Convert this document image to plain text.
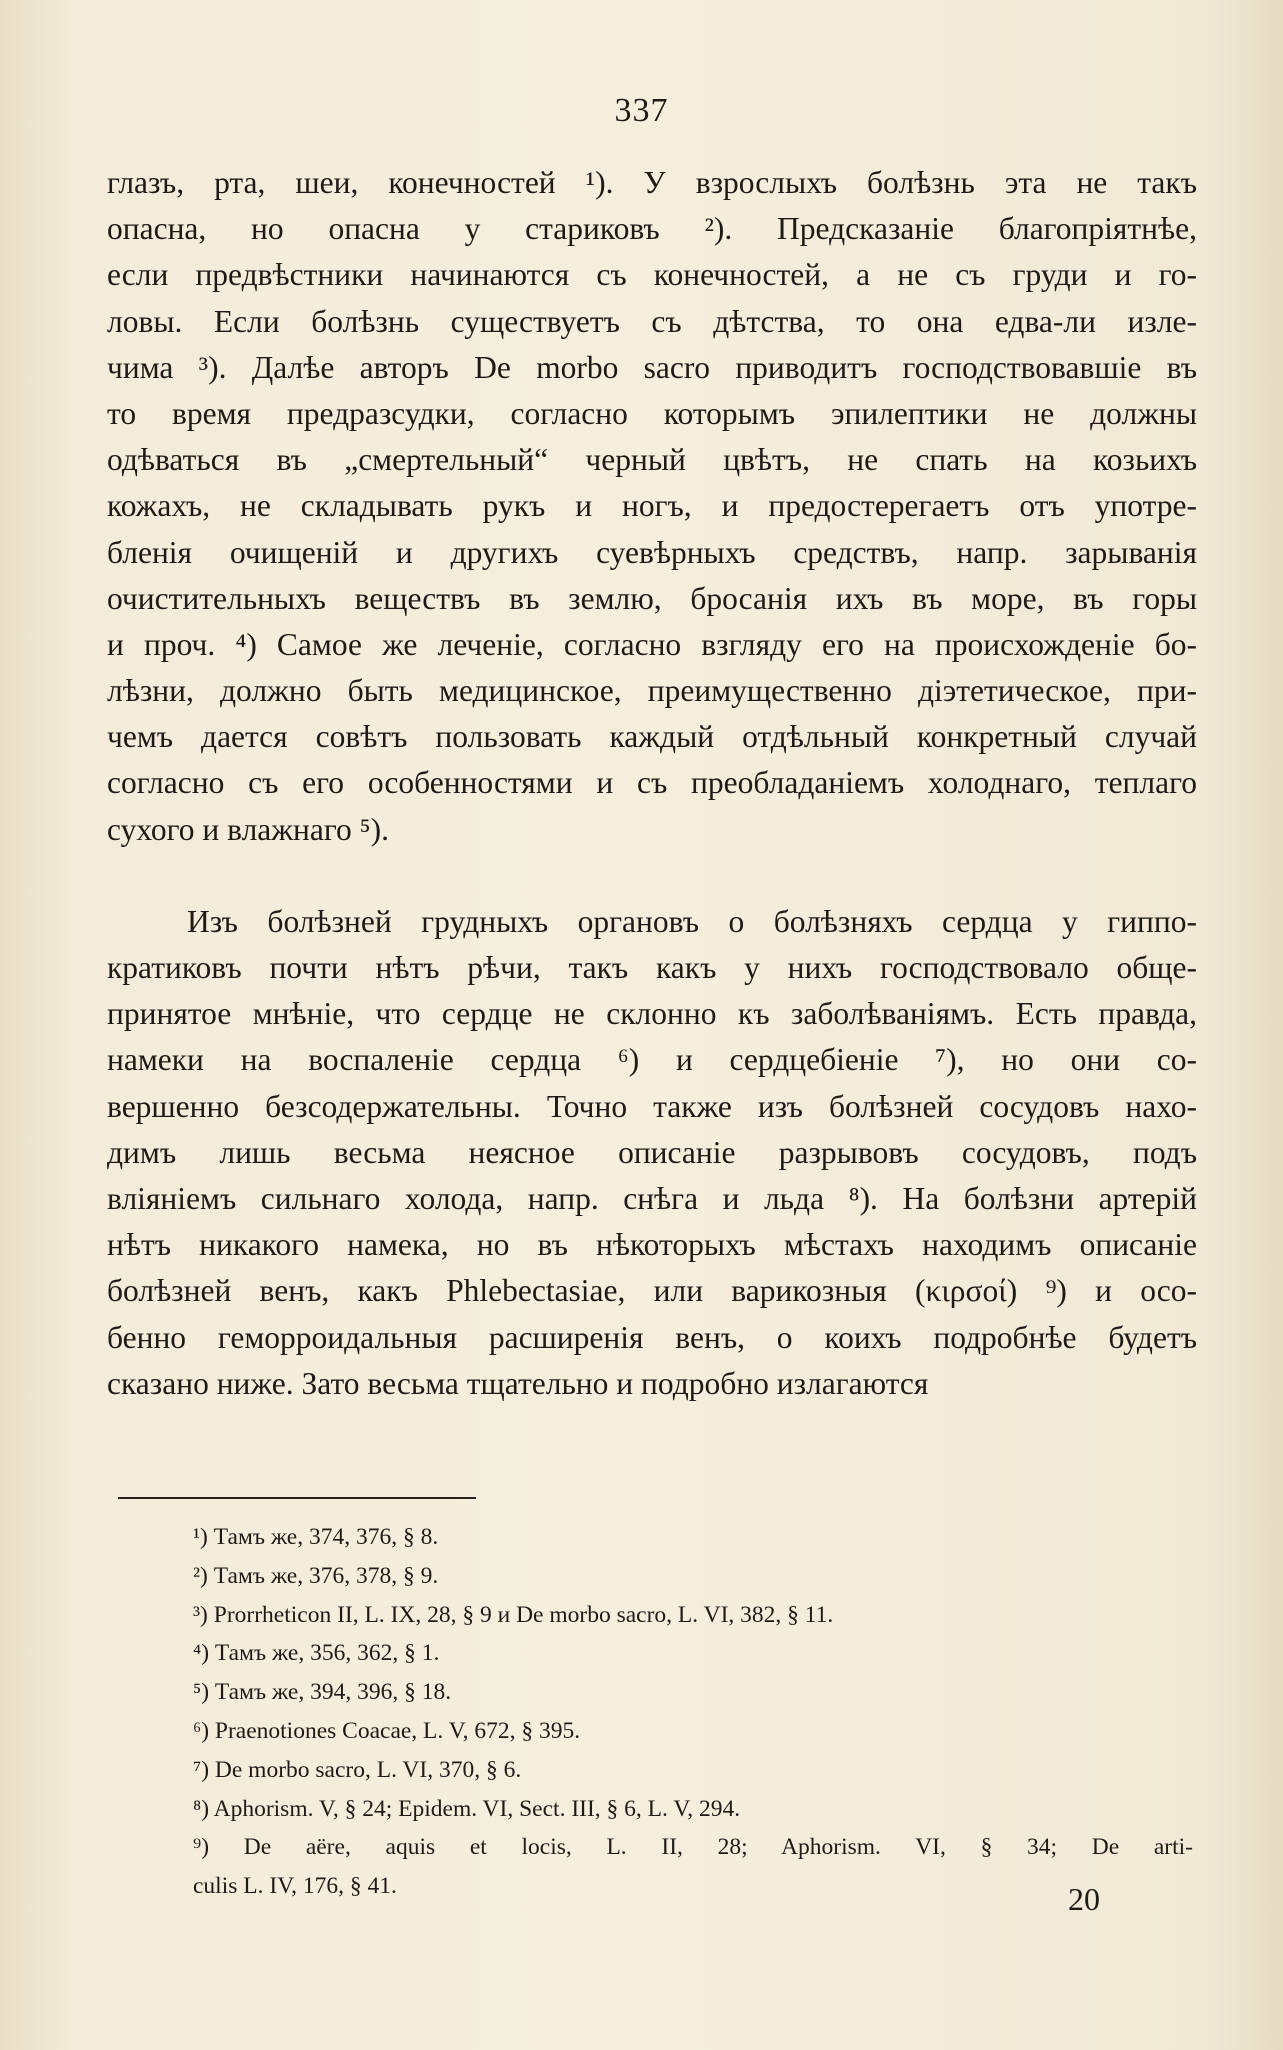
337
глазъ, рта, шеи, конечностей ¹). У взрослыхъ болѣзнь эта не такъ
опасна, но опасна у стариковъ ²). Предсказаніе благопріятнѣе,
если предвѣстники начинаются съ конечностей, а не съ груди и го-
ловы. Если болѣзнь существуетъ съ дѣтства, то она едва-ли изле-
чима ³). Далѣе авторъ De morbo sacro приводитъ господствовавшіе въ
то время предразсудки, согласно которымъ эпилептики не должны
одѣваться въ „смертельный“ черный цвѣтъ, не спать на козьихъ
кожахъ, не складывать рукъ и ногъ, и предостерегаетъ отъ употре-
бленія очищеній и другихъ суевѣрныхъ средствъ, напр. зарыванія
очистительныхъ веществъ въ землю, бросанія ихъ въ море, въ горы
и проч. ⁴) Самое же леченіе, согласно взгляду его на происхожденіе бо-
лѣзни, должно быть медицинское, преимущественно діэтетическое, при-
чемъ дается совѣтъ пользовать каждый отдѣльный конкретный случай
согласно съ его особенностями и съ преобладаніемъ холоднаго, теплаго
сухого и влажнаго ⁵).
Изъ болѣзней грудныхъ органовъ о болѣзняхъ сердца у гиппо-
кратиковъ почти нѣтъ рѣчи, такъ какъ у нихъ господствовало обще-
принятое мнѣніе, что сердце не склонно къ заболѣваніямъ. Есть правда,
намеки на воспаленіе сердца ⁶) и сердцебіеніе ⁷), но они со-
вершенно безсодержательны. Точно также изъ болѣзней сосудовъ нахо-
димъ лишь весьма неясное описаніе разрывовъ сосудовъ, подъ
вліяніемъ сильнаго холода, напр. снѣга и льда ⁸). На болѣзни артерій
нѣтъ никакого намека, но въ нѣкоторыхъ мѣстахъ находимъ описаніе
болѣзней венъ, какъ Phlebectasiae, или варикозныя (κιρσοί) ⁹) и осо-
бенно геморроидальныя расширенія венъ, о коихъ подробнѣе будетъ
сказано ниже. Зато весьма тщательно и подробно излагаются
¹) Тамъ же, 374, 376, § 8.
²) Тамъ же, 376, 378, § 9.
³) Prorrheticon II, L. IX, 28, § 9 и De morbo sacro, L. VI, 382, § 11.
⁴) Тамъ же, 356, 362, § 1.
⁵) Тамъ же, 394, 396, § 18.
⁶) Praenotiones Coacae, L. V, 672, § 395.
⁷) De morbo sacro, L. VI, 370, § 6.
⁸) Aphorism. V, § 24; Epidem. VI, Sect. III, § 6, L. V, 294.
⁹) De aëre, aquis et locis, L. II, 28; Aphorism. VI, § 34; De arti-
culis L. IV, 176, § 41.	20
